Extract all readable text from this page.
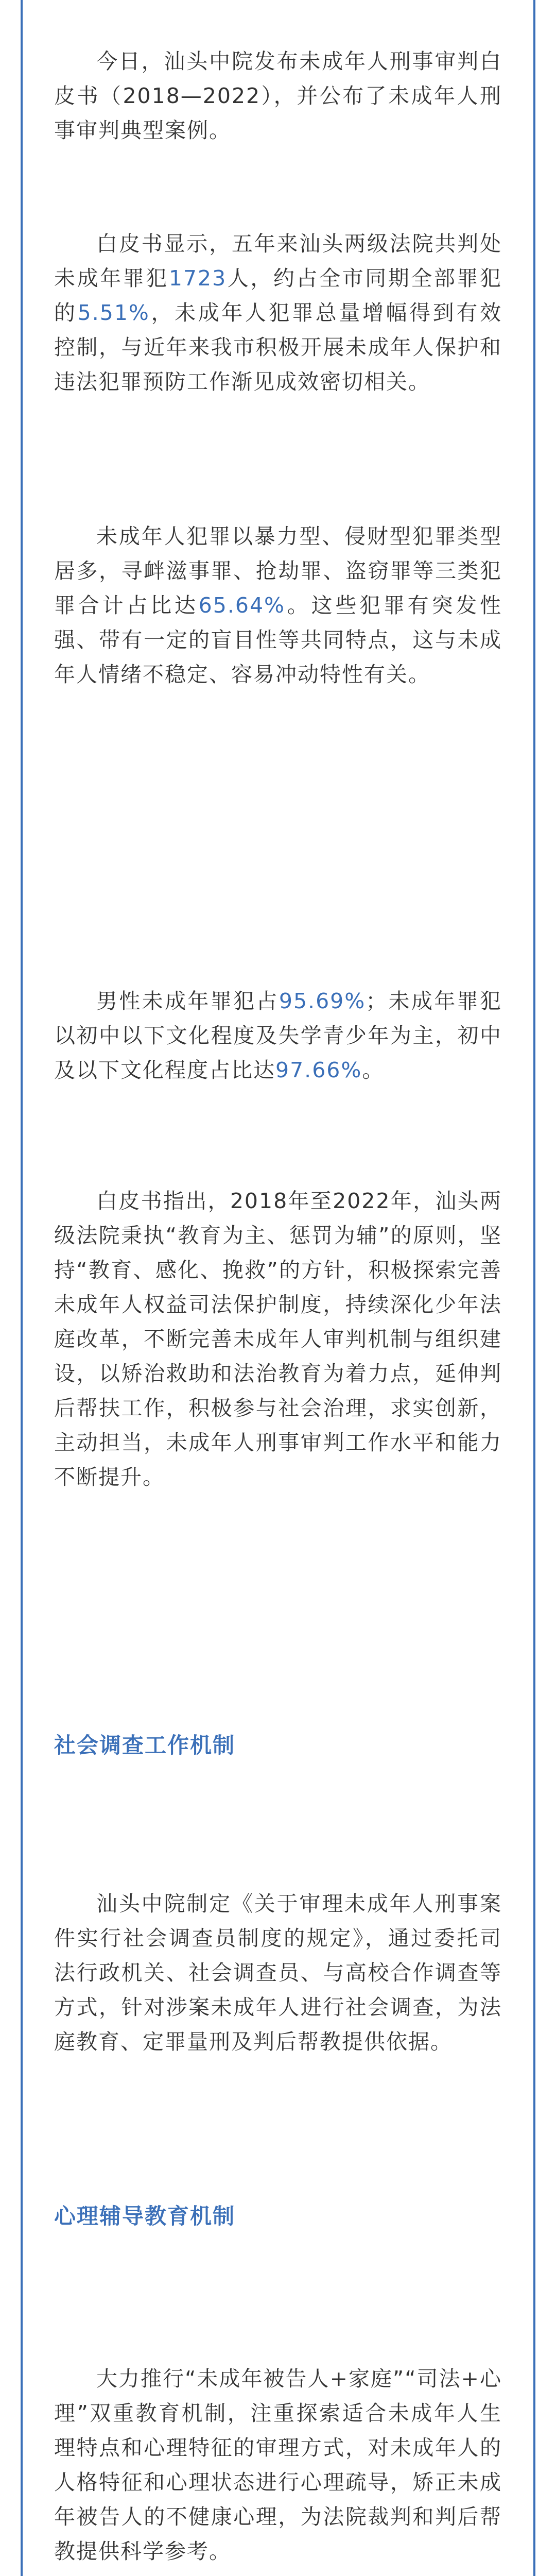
今日，汕头中院发布未成年人刑事审判白皮书（2018—2022），并公布了未成年人刑事审判典型案例。

白皮书显示，五年来汕头两级法院共判处未成年罪犯1723人，约占全市同期全部罪犯的5.51%，未成年人犯罪总量增幅得到有效控制，与近年来我市积极开展未成年人保护和违法犯罪预防工作渐见成效密切相关。

未成年人犯罪以暴力型、侵财型犯罪类型居多，寻衅滋事罪、抢劫罪、盗窃罪等三类犯罪合计占比达65.64%。这些犯罪有突发性强、带有一定的盲目性等共同特点，这与未成年人情绪不稳定、容易冲动特性有关。

男性未成年罪犯占95.69%；未成年罪犯以初中以下文化程度及失学青少年为主，初中及以下文化程度占比达97.66%。

白皮书指出，2018年至2022年，汕头两级法院秉执“教育为主、惩罚为辅”的原则，坚持“教育、感化、挽救”的方针，积极探索完善未成年人权益司法保护制度，持续深化少年法庭改革，不断完善未成年人审判机制与组织建设，以矫治救助和法治教育为着力点，延伸判后帮扶工作，积极参与社会治理，求实创新，主动担当，未成年人刑事审判工作水平和能力不断提升。

社会调查工作机制

汕头中院制定《关于审理未成年人刑事案件实行社会调查员制度的规定》，通过委托司法行政机关、社会调查员、与高校合作调查等方式，针对涉案未成年人进行社会调查，为法庭教育、定罪量刑及判后帮教提供依据。

心理辅导教育机制

大力推行“未成年被告人+家庭”“司法+心理”双重教育机制，注重探索适合未成年人生理特点和心理特征的审理方式，对未成年人的人格特征和心理状态进行心理疏导，矫正未成年被告人的不健康心理，为法院裁判和判后帮教提供科学参考。
